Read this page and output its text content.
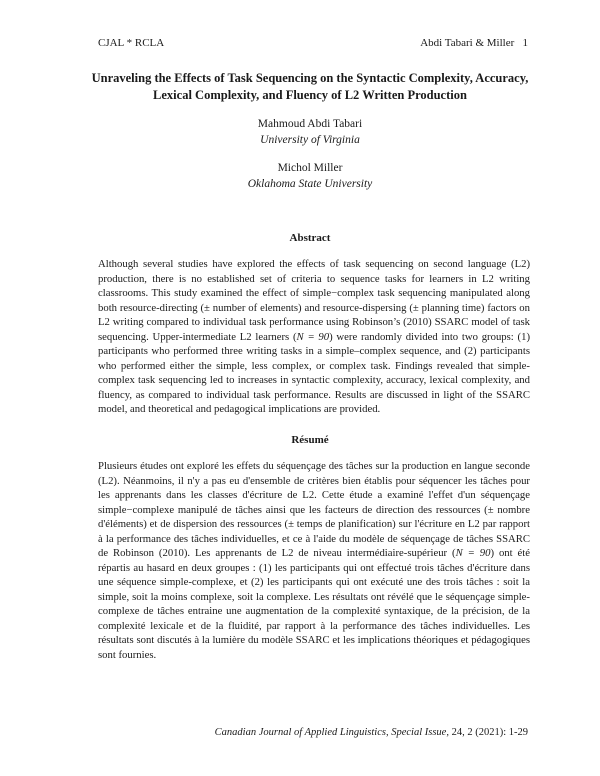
CJAL * RCLA	Abdi Tabari & Miller 1
Unraveling the Effects of Task Sequencing on the Syntactic Complexity, Accuracy, Lexical Complexity, and Fluency of L2 Written Production
Mahmoud Abdi Tabari
University of Virginia
Michol Miller
Oklahoma State University
Abstract

Although several studies have explored the effects of task sequencing on second language (L2) production, there is no established set of criteria to sequence tasks for learners in L2 writing classrooms. This study examined the effect of simple−complex task sequencing manipulated along both resource-directing (± number of elements) and resource-dispersing (± planning time) factors on L2 writing compared to individual task performance using Robinson’s (2010) SSARC model of task sequencing. Upper-intermediate L2 learners (N = 90) were randomly divided into two groups: (1) participants who performed three writing tasks in a simple–complex sequence, and (2) participants who performed either the simple, less complex, or complex task. Findings revealed that simple-complex task sequencing led to increases in syntactic complexity, accuracy, lexical complexity, and fluency, as compared to individual task performance. Results are discussed in light of the SSARC model, and theoretical and pedagogical implications are provided.

Résumé

Plusieurs études ont exploré les effets du séquençage des tâches sur la production en langue seconde (L2). Néanmoins, il n'y a pas eu d'ensemble de critères bien établis pour séquencer les tâches pour les apprenants dans les classes d'écriture de L2. Cette étude a examiné l'effet d'un séquençage simple−complexe manipulé de tâches ainsi que les facteurs de direction des ressources (± nombre d'éléments) et de dispersion des ressources (± temps de planification) sur l'écriture en L2 par rapport à la performance des tâches individuelles, et ce à l'aide du modèle de séquençage de tâches SSARC de Robinson (2010). Les apprenants de L2 de niveau intermédiaire-supérieur (N = 90) ont été répartis au hasard en deux groupes : (1) les participants qui ont effectué trois tâches d'écriture dans une séquence simple-complexe, et (2) les participants qui ont exécuté une des trois tâches : soit la simple, soit la moins complexe, soit la complexe. Les résultats ont révélé que le séquençage simple-complexe de tâches entraine une augmentation de la complexité syntaxique, de la précision, de la complexité lexicale et de la fluidité, par rapport à la performance des tâches individuelles. Les résultats sont discutés à la lumière du modèle SSARC et les implications théoriques et pédagogiques sont fournies.

Canadian Journal of Applied Linguistics, Special Issue, 24, 2 (2021): 1-29
